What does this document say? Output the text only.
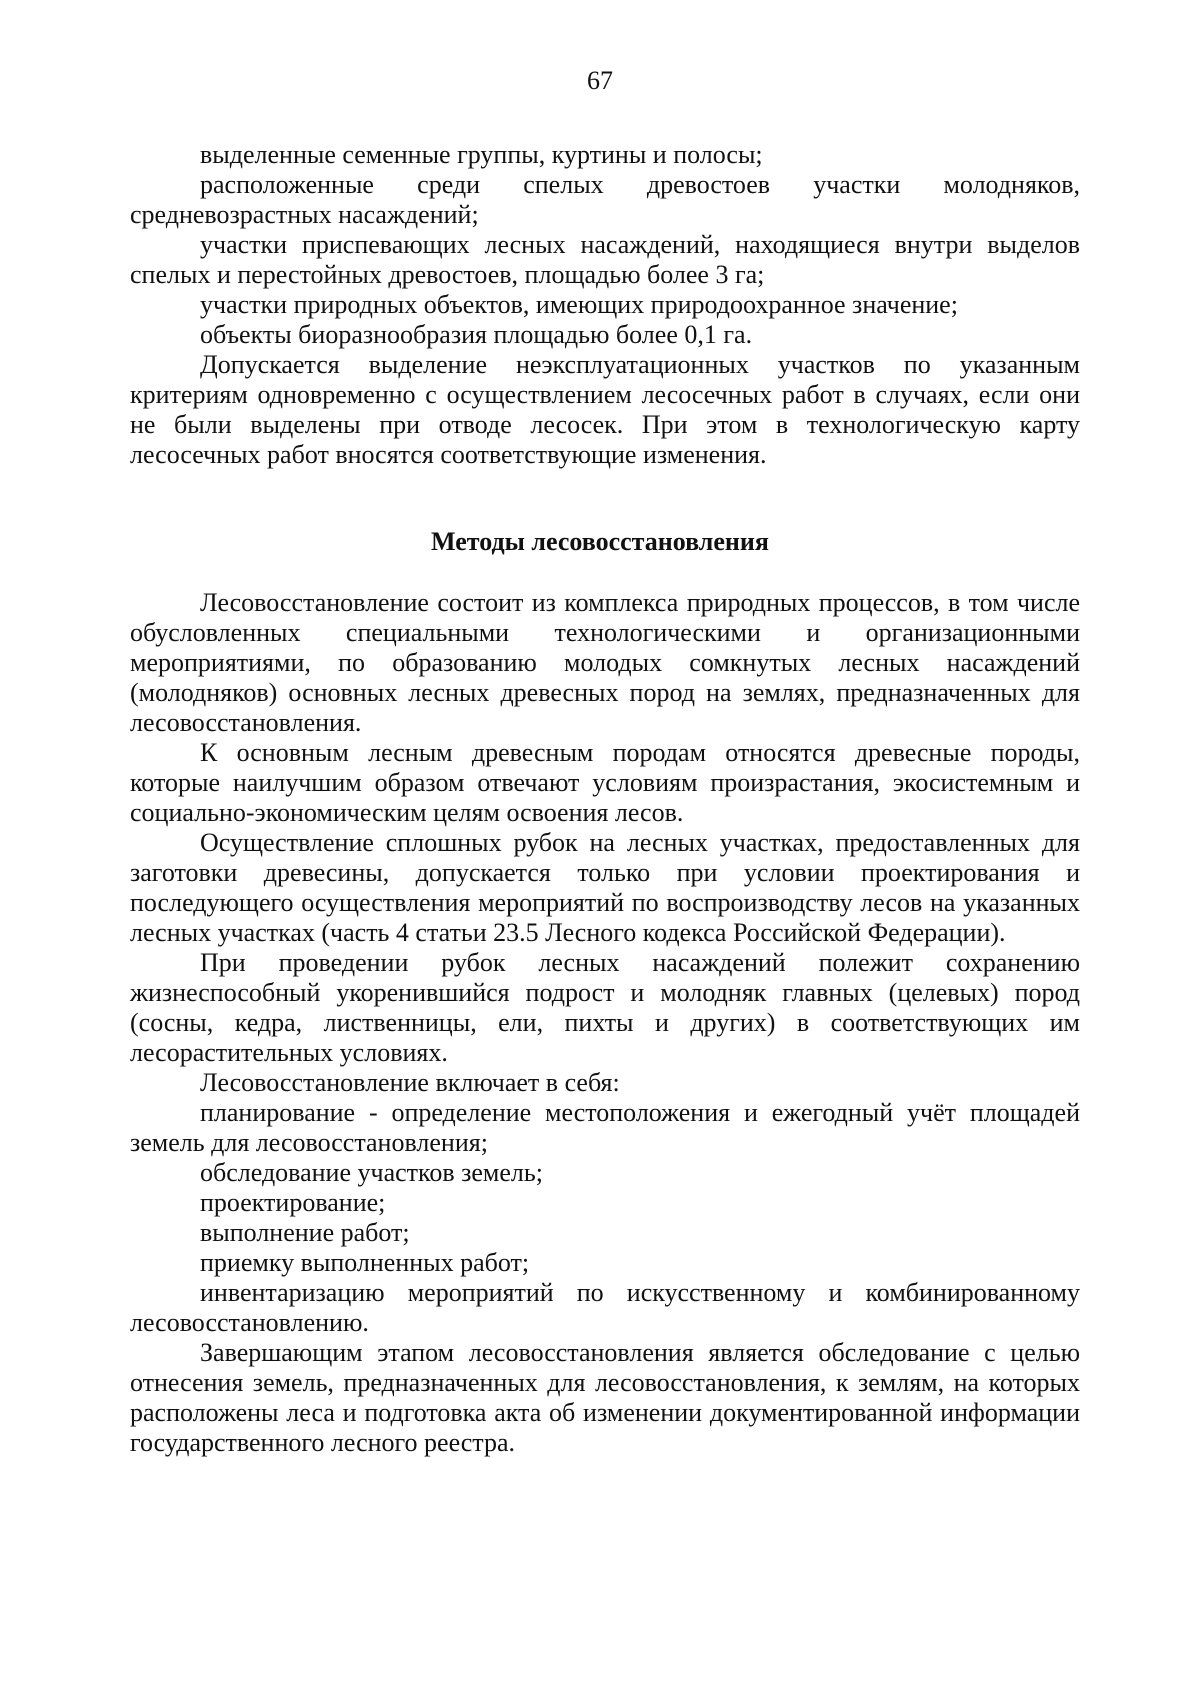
67

выделенные семенные группы, куртины и полосы;

расположенные среди спелых древостоев участки молодняков, средневозрастных насаждений;

участки приспевающих лесных насаждений, находящиеся внутри выделов спелых и перестойных древостоев, площадью более 3 га;

участки природных объектов, имеющих природоохранное значение;

объекты биоразнообразия площадью более 0,1 га.

Допускается выделение неэксплуатационных участков по указанным критериям одновременно с осуществлением лесосечных работ в случаях, если они не были выделены при отводе лесосек. При этом в технологическую карту лесосечных работ вносятся соответствующие изменения.

Методы лесовосстановления

Лесовосстановление состоит из комплекса природных процессов, в том числе обусловленных специальными технологическими и организационными мероприятиями, по образованию молодых сомкнутых лесных насаждений (молодняков) основных лесных древесных пород на землях, предназначенных для лесовосстановления.

К основным лесным древесным породам относятся древесные породы, которые наилучшим образом отвечают условиям произрастания, экосистемным и социально-экономическим целям освоения лесов.

Осуществление сплошных рубок на лесных участках, предоставленных для заготовки древесины, допускается только при условии проектирования и последующего осуществления мероприятий по воспроизводству лесов на указанных лесных участках (часть 4 статьи 23.5 Лесного кодекса Российской Федерации).

При проведении рубок лесных насаждений полежит сохранению жизнеспособный укоренившийся подрост и молодняк главных (целевых) пород (сосны, кедра, лиственницы, ели, пихты и других) в соответствующих им лесорастительных условиях.

Лесовосстановление включает в себя:

планирование - определение местоположения и ежегодный учёт площадей земель для лесовосстановления;

обследование участков земель;

проектирование;

выполнение работ;

приемку выполненных работ;

инвентаризацию мероприятий по искусственному и комбинированному лесовосстановлению.

Завершающим этапом лесовосстановления является обследование с целью отнесения земель, предназначенных для лесовосстановления, к землям, на которых расположены леса и подготовка акта об изменении документированной информации государственного лесного реестра.
